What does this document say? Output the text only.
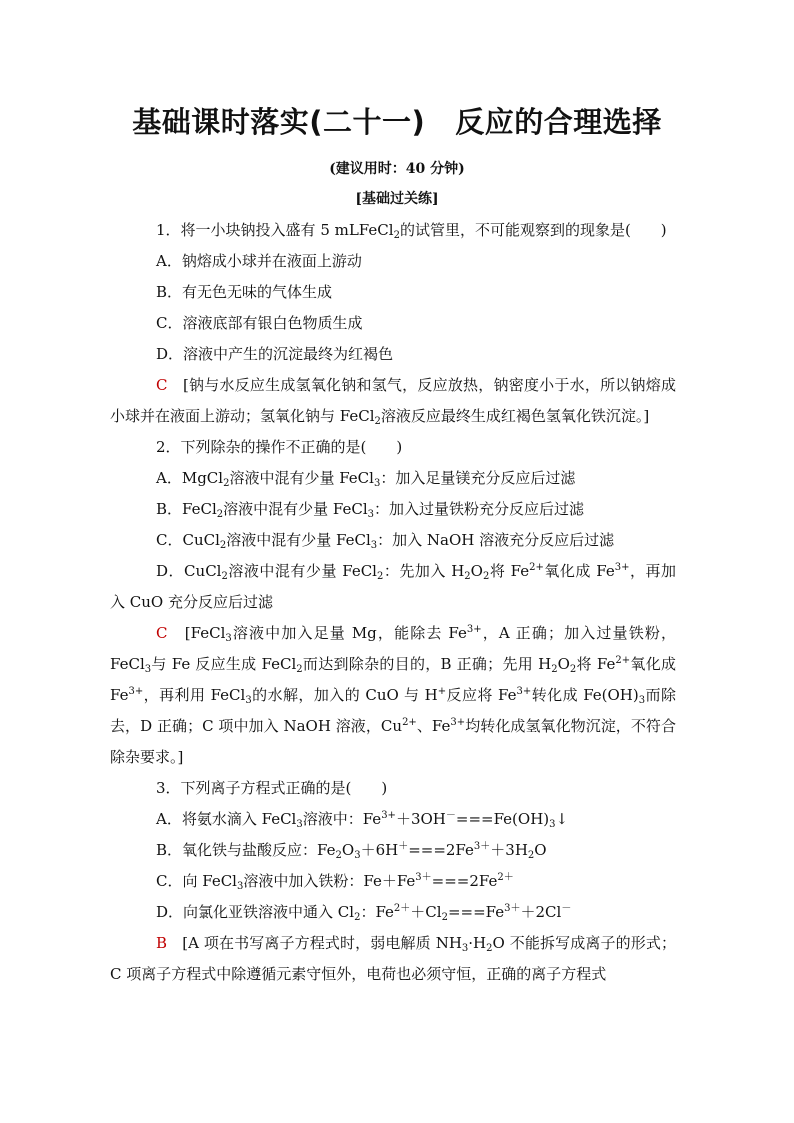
基础课时落实(二十一) 反应的合理选择
(建议用时：40 分钟)
[基础过关练]
1．将一小块钠投入盛有 5 mLFeCl$_2$的试管里，不可能观察到的现象是(　　)
A．钠熔成小球并在液面上游动
B．有无色无味的气体生成
C．溶液底部有银白色物质生成
D．溶液中产生的沉淀最终为红褐色
C　 [钠与水反应生成氢氧化钠和氢气，反应放热，钠密度小于水，所以钠熔成小球并在液面上游动；氢氧化钠与 FeCl$_2$溶液反应最终生成红褐色氢氧化铁沉淀。]
2．下列除杂的操作不正确的是(　　)
A．MgCl$_2$溶液中混有少量 FeCl$_3$：加入足量镁充分反应后过滤
B．FeCl$_2$溶液中混有少量 FeCl$_3$：加入过量铁粉充分反应后过滤
C．CuCl$_2$溶液中混有少量 FeCl$_3$：加入 NaOH 溶液充分反应后过滤
D．CuCl$_2$溶液中混有少量 FeCl$_2$：先加入 $H_2O_2$将 $Fe^{2+}$氧化成 $Fe^{3+}$，再加入 CuO 充分反应后过滤
C　 [FeCl$_3$溶液中加入足量 Mg，能除去 $Fe^{3+}$，A 正确；加入过量铁粉，FeCl$_3$与 Fe 反应生成 FeCl$_2$而达到除杂的目的，B 正确；先用 $H_2O_2$将 $Fe^{2+}$氧化成 $Fe^{3+}$，再利用 FeCl$_3$的水解，加入的 CuO 与 H+反应将 $Fe^{3+}$转化成 $Fe(OH)_3$而除去，D 正确；C 项中加入 NaOH 溶液，$Cu^{2+}$、$Fe^{3+}$均转化成氢氧化物沉淀，不符合除杂要求。]
3．下列离子方程式正确的是(　　)
A．将氨水滴入 FeCl$_3$溶液中：$Fe^{3+}+3OH^-===Fe(OH)_3↓$
B．氧化铁与盐酸反应：$Fe_2O_3+6H^+===2Fe^{3+}+3H_2O$
C．向 FeCl$_3$溶液中加入铁粉：$Fe+Fe^{3+}===2Fe^{2+}$
D．向氯化亚铁溶液中通入 $Cl_2$：$Fe^{2+}+Cl_2===Fe^{3+}+2Cl^-$
B　 [A 项在书写离子方程式时，弱电解质 $NH_3\cdot H_2O$ 不能拆写成离子的形式；C 项离子方程式中除遵循元素守恒外，电荷也必须守恒，正确的离子方程式
